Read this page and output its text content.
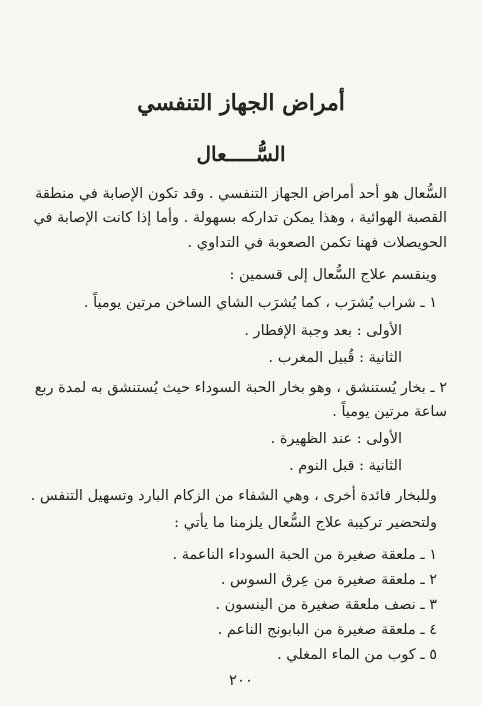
أمراض الجهاز التنفسي
السُّـــــعال
السُّعال هو أحد أمراض الجهاز التنفسي . وقد تكون الإصابة في منطقة
القصبة الهوائية ، وهذا يمكن تداركه بسهولة . وأما إذا كانت الإصابة في
الحويصلات فهنا تكمن الصعوبة في التداوي .
وينقسم علاج السُّعال إلى قسمين :
١ ـ شراب يُشرَب ، كما يُشرَب الشاي الساخن مرتين يومياً .
الأولى : بعد وجبة الإفطار .
الثانية : قُبيل المغرب .
٢ ـ بخار يُستنشق ، وهو بخار الحبة السوداء حيث يُستنشق به لمدة ربع
ساعة مرتين يومياً .
الأولى : عند الظهيرة .
الثانية : قبل النوم .
وللبخار فائدة أخرى ، وهي الشفاء من الزكام البارد وتسهيل التنفس .
ولتحضير تركيبة علاج السُّعال يلزمنا ما يأتي :
١ ـ ملعقة صغيرة من الحبة السوداء الناعمة .
٢ ـ ملعقة صغيرة من عِرق السوس .
٣ ـ نصف ملعقة صغيرة من الينسون .
٤ ـ ملعقة صغيرة من البابونج الناعم .
٥ ـ كوب من الماء المغلي .
٢٠٠
